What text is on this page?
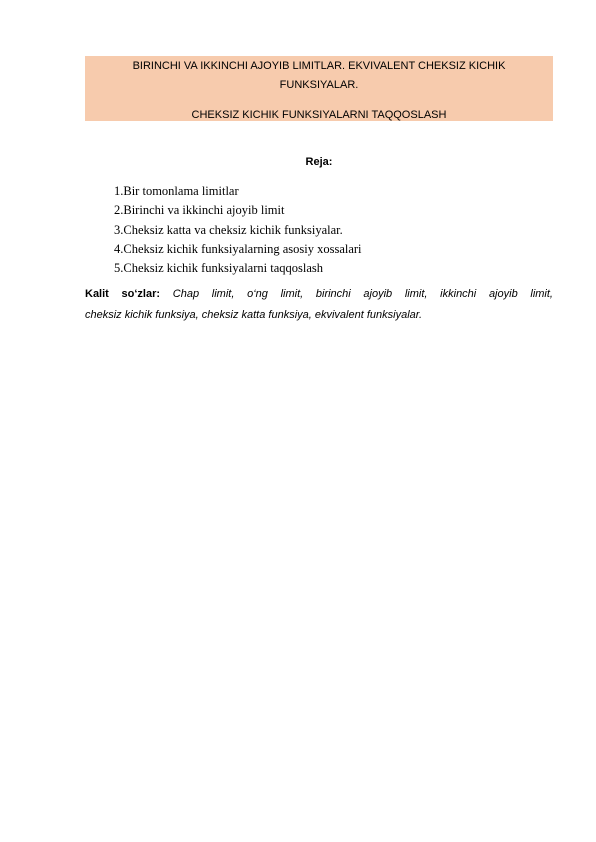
BIRINCHI VA IKKINCHI AJOYIB LIMITLAR. EKVIVALENT CHEKSIZ KICHIK
FUNKSIYALAR.
CHEKSIZ KICHIK FUNKSIYALARNI TAQQOSLASH
Reja:
1.Bir tomonlama limitlar
2.Birinchi va ikkinchi ajoyib limit
3.Cheksiz katta va cheksiz kichik funksiyalar.
4.Cheksiz kichik funksiyalarning asosiy xossalari
5.Cheksiz kichik funksiyalarni taqqoslash
Kalit so‘zlar: Chap limit, o‘ng limit, birinchi ajoyib limit, ikkinchi ajoyib limit,
cheksiz kichik funksiya, cheksiz katta funksiya, ekvivalent funksiyalar.
